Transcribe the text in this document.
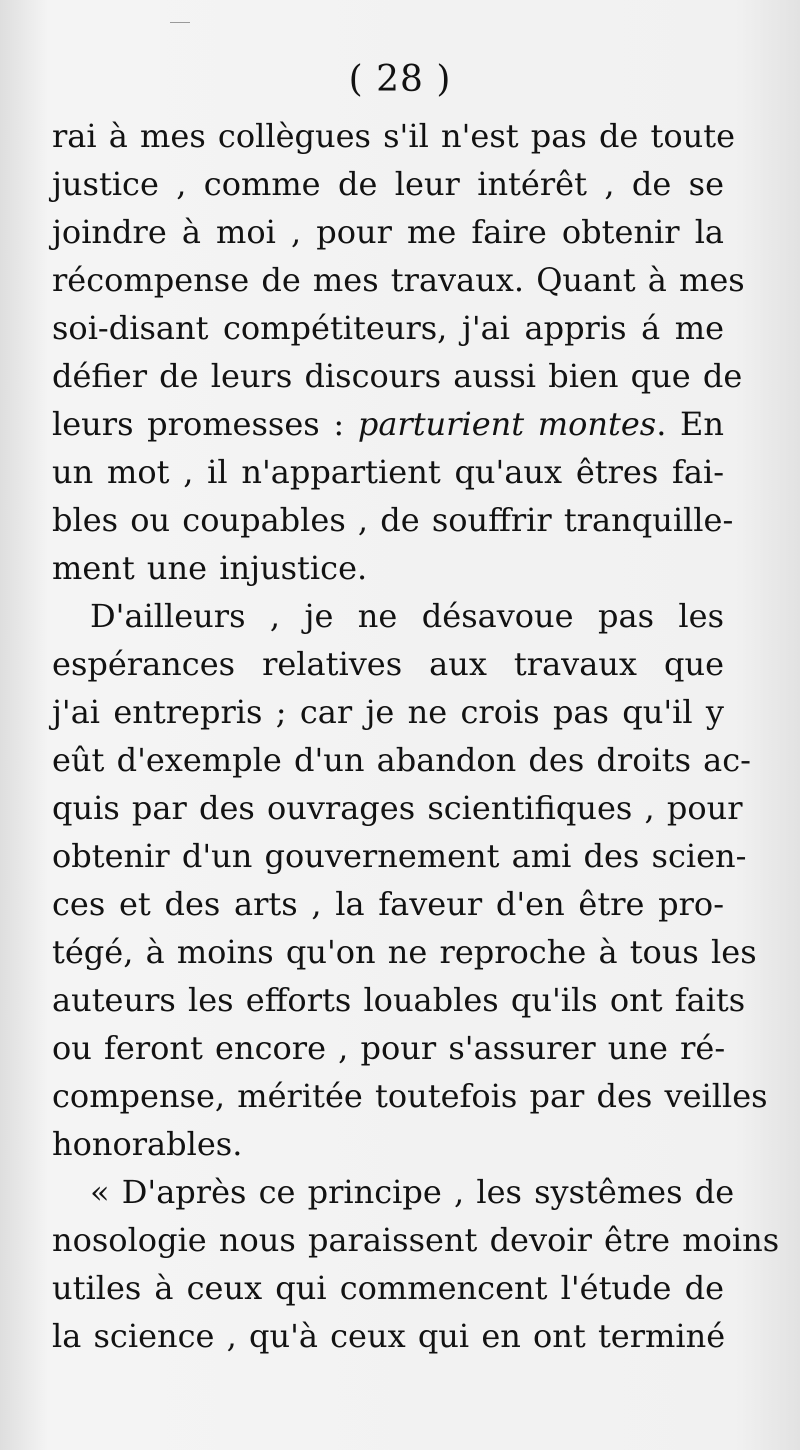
( 28 )
rai à mes collègues s'il n'est pas de toute
justice , comme de leur intérêt , de se
joindre à moi , pour me faire obtenir la
récompense de mes travaux. Quant à mes
soi-disant compétiteurs, j'ai appris á me
défier de leurs discours aussi bien que de
leurs promesses : parturient montes. En
un mot , il n'appartient qu'aux êtres fai-
bles ou coupables , de souffrir tranquille-
ment une injustice.
D'ailleurs , je ne désavoue pas les
espérances relatives aux travaux que
j'ai entrepris ; car je ne crois pas qu'il y
eût d'exemple d'un abandon des droits ac-
quis par des ouvrages scientifiques , pour
obtenir d'un gouvernement ami des scien-
ces et des arts , la faveur d'en être pro-
tégé, à moins qu'on ne reproche à tous les
auteurs les efforts louables qu'ils ont faits
ou feront encore , pour s'assurer une ré-
compense, méritée toutefois par des veilles
honorables.
« D'après ce principe , les systêmes de
nosologie nous paraissent devoir être moins
utiles à ceux qui commencent l'étude de
la science , qu'à ceux qui en ont terminé
